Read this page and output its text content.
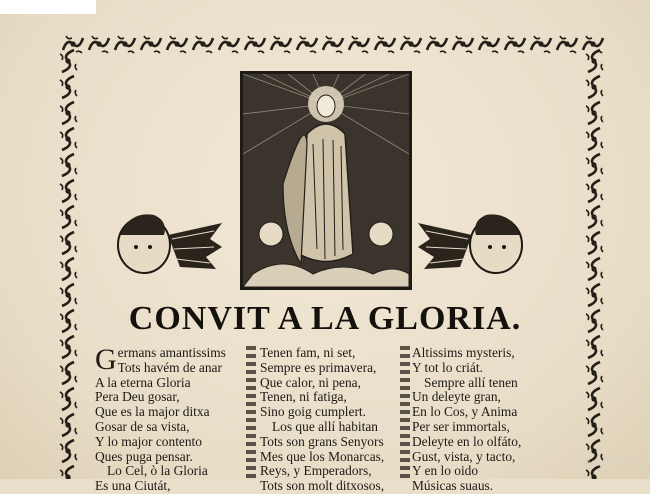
CONVIT A LA GLORIA.
Germans amantissims
Tots havém de anar
A la eterna Gloria
Pera Deu gosar,
Que es la major ditxa
Gosar de sa vista,
Y lo major contento
Ques puga pensar.
Lo Cel, ò la Gloria
Es una Ciutát,
Tenen fam, ni set,
Sempre es primavera,
Que calor, ni pena,
Tenen, ni fatiga,
Sino goig cumplert.
Los que allí habitan
Tots son grans Senyors
Mes que los Monarcas,
Reys, y Emperadors,
Tots son molt ditxosos,
Altissims mysteris,
Y tot lo criát.
Sempre allí tenen
Un deleyte gran,
En lo Cos, y Anima
Per ser immortals,
Deleyte en lo olfáto,
Gust, vista, y tacto,
Y en lo oido
Músicas suaus.
© Antoni Prat
